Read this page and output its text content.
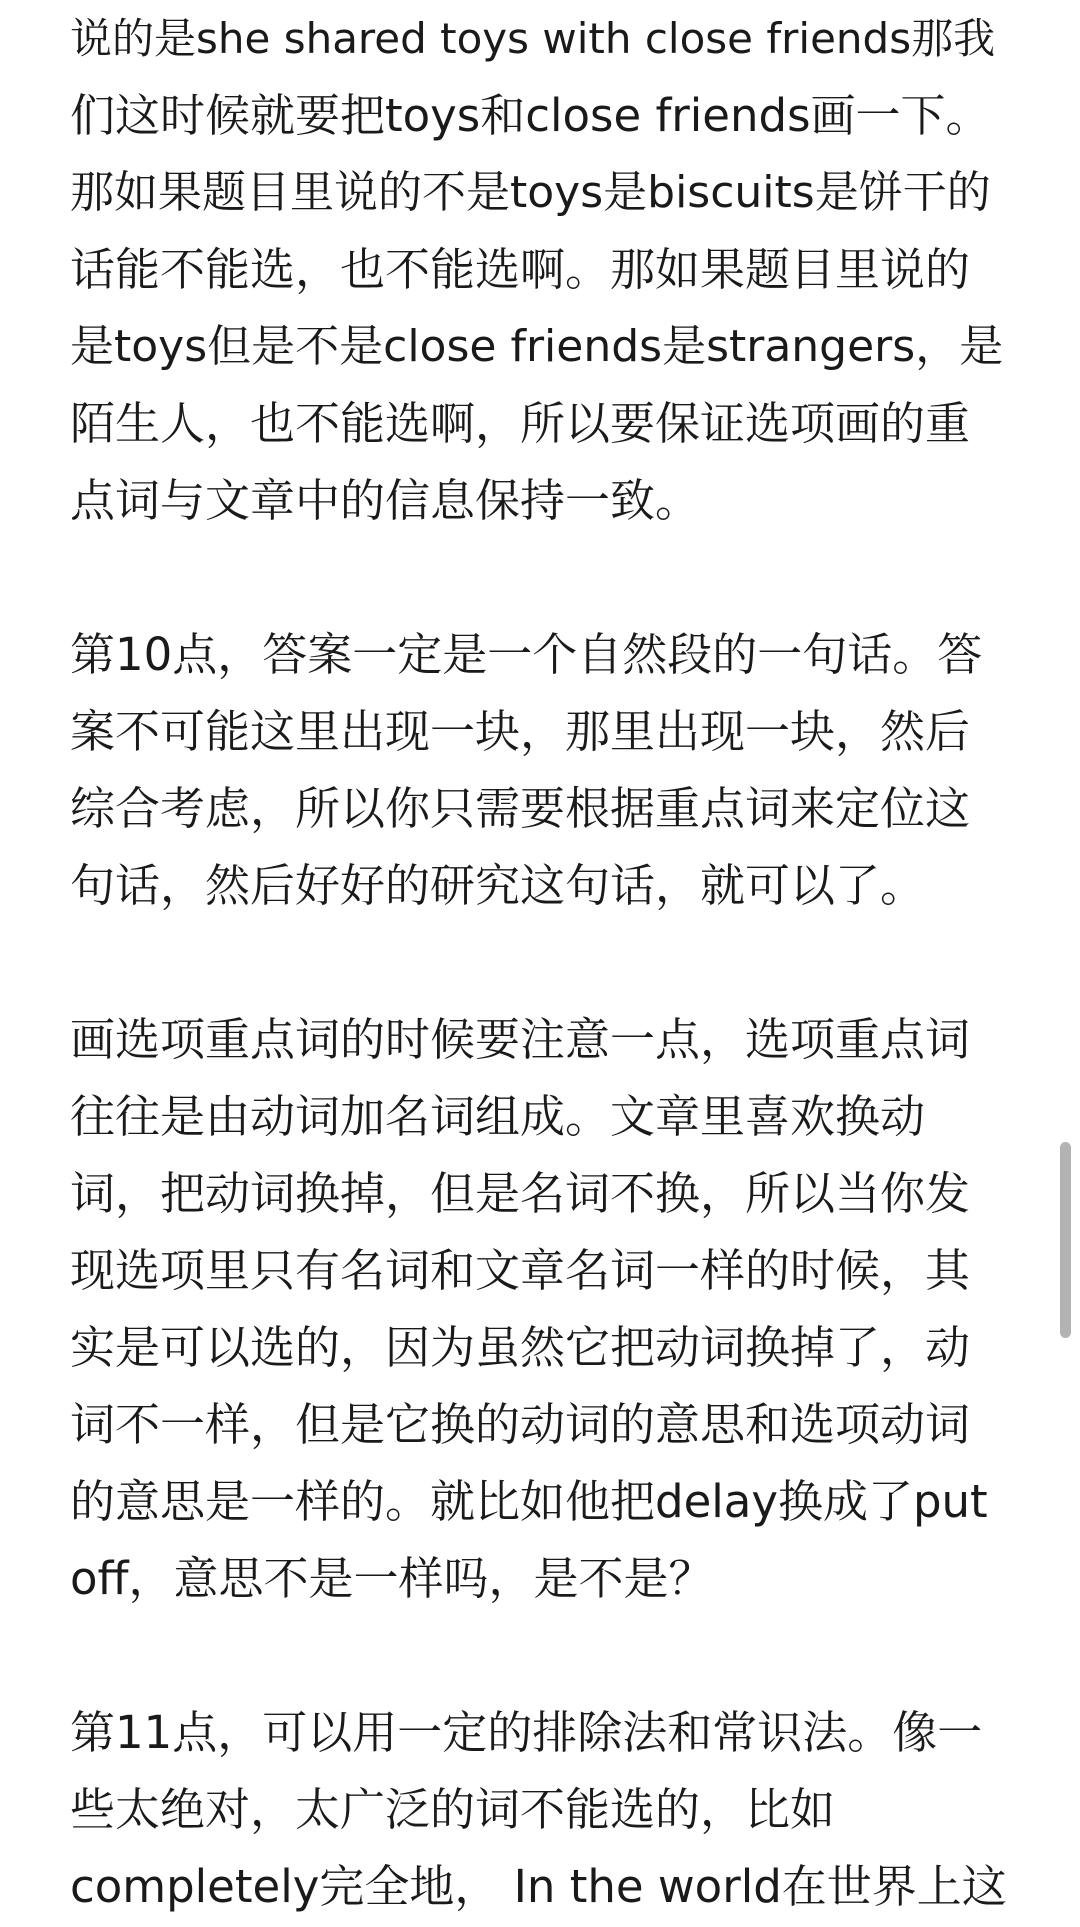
说的是she shared toys with close friends那我
们这时候就要把toys和close friends画一下。
那如果题目里说的不是toys是biscuits是饼干的
话能不能选，也不能选啊。那如果题目里说的
是toys但是不是close friends是strangers，是
陌生人，也不能选啊，所以要保证选项画的重
点词与文章中的信息保持一致。
第10点，答案一定是一个自然段的一句话。答
案不可能这里出现一块，那里出现一块，然后
综合考虑，所以你只需要根据重点词来定位这
句话，然后好好的研究这句话，就可以了。
画选项重点词的时候要注意一点，选项重点词
往往是由动词加名词组成。文章里喜欢换动
词，把动词换掉，但是名词不换，所以当你发
现选项里只有名词和文章名词一样的时候，其
实是可以选的，因为虽然它把动词换掉了，动
词不一样，但是它换的动词的意思和选项动词
的意思是一样的。就比如他把delay换成了put
off，意思不是一样吗，是不是？
第11点，可以用一定的排除法和常识法。像一
些太绝对，太广泛的词不能选的，比如
completely完全地， In the world在世界上这
